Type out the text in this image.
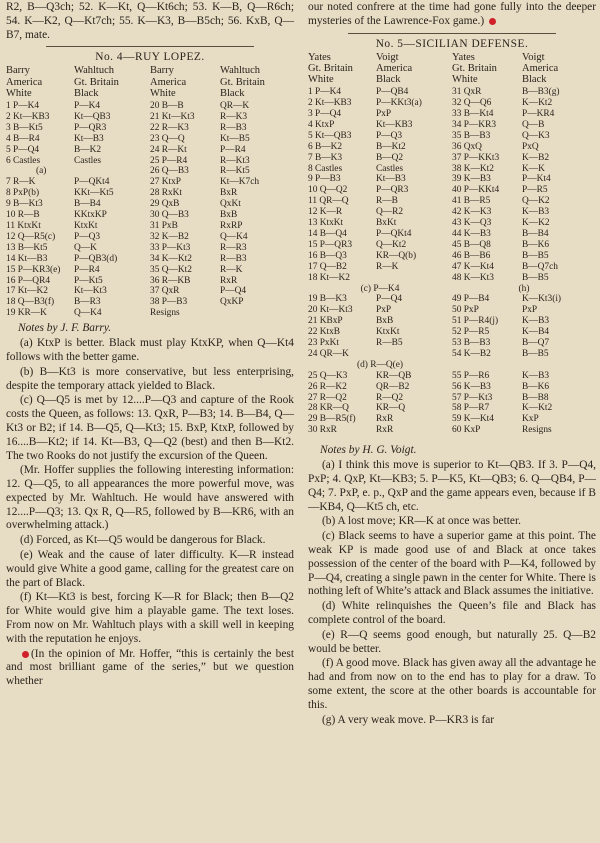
R2, B—Q3ch; 52. K—Kt, Q—Kt6ch; 53. K—B, Q—R6ch; 54. K—K2, Q—Kt7ch; 55. K—K3, B—B5ch; 56. KxB, Q—B7, mate.

No. 4—RUY LOPEZ.
Barry
America
White
Wahltuch
Gt. Britain
Black
Barry
America
White
Wahltuch
Gt. Britain
Black
1 P—K4	P—K4	20 B—B	QR—K
2 Kt—KB3	Kt—QB3	21 Kt—Kt3	R—K3
3 B—Kt5	P—QR3	22 R—K3	R—B3
4 B—R4	Kt—B3	23 Q—Q	Kt—B5
5 P—Q4	B—K2	24 R—Kt	P—R4
6 Castles	Castles	25 P—R4	R—Kt3
(a)		26 Q—B3	R—Kt5
7 R—K	P—QKt4	27 KtxP	Kt—K7ch
8 PxP(b)	KKt—Kt5	28 RxKt	BxR
9 B—Kt3	B—B4	29 QxB	QxKt
10 R—B	KKtxKP	30 Q—B3	BxB
11 KtxKt	KtxKt	31 PxB	RxRP
12 Q—R5(c)	P—Q3	32 K—B2	Q—K4
13 B—Kt5	Q—K	33 P—Kt3	R—R3
14 Kt—B3	P—QB3(d)	34 K—Kt2	R—B3
15 P—KR3(e)	P—R4	35 Q—Kt2	R—K
16 P—QR4	P—Kt5	36 R—KB	RxR
17 Kt—K2	Kt—Kt3	37 QxR	P—Q4
18 Q—B3(f)	B—R3	38 P—B3	QxKP
19 KR—K	Q—K4	Resigns	
Notes by J. F. Barry.

(a) KtxP is better. Black must play KtxKP, when Q—Kt4 follows with the better game.

(b) B—Kt3 is more conservative, but less enterprising, despite the temporary attack yielded to Black.

(c) Q—Q5 is met by 12....P—Q3 and capture of the Rook costs the Queen, as follows: 13. QxR, P—B3; 14. B—B4, Q—Kt3 or B2; if 14. B—Q5, Q—Kt3; 15. BxP, KtxP, followed by 16....B—Kt2; if 14. Kt—B3, Q—Q2 (best) and then B—Kt2. The two Rooks do not justify the excursion of the Queen.

(Mr. Hoffer supplies the following interesting information: 12. Q—Q5, to all appearances the more powerful move, was expected by Mr. Wahltuch. He would have answered with 12....P—Q3; 13. Qx R, Q—R5, followed by B—KR6, with an overwhelming attack.)

(d) Forced, as Kt—Q5 would be dangerous for Black.

(e) Weak and the cause of later difficulty. K—R instead would give White a good game, calling for the greatest care on the part of Black.

(f) Kt—Kt3 is best, forcing K—R for Black; then B—Q2 for White would give him a playable game. The text loses. From now on Mr. Wahltuch plays with a skill well in keeping with the reputation he enjoys.

(In the opinion of Mr. Hoffer, “this is certainly the best and most brilliant game of the series,” but we question whether

our noted confrere at the time had gone fully into the deeper mysteries of the Lawrence-Fox game.)

No. 5—SICILIAN DEFENSE.
Yates
Gt. Britain
White
Voigt
America
Black
Yates
Gt. Britain
White
Voigt
America
Black
1 P—K4	P—QB4	31 QxR	B—B3(g)
2 Kt—KB3	P—KKt3(a)	32 Q—Q6	K—Kt2
3 P—Q4	PxP	33 B—Kt4	P—KR4
4 KtxP	Kt—KB3	34 P—KR3	Q—B
5 Kt—QB3	P—Q3	35 B—B3	Q—K3
6 B—K2	B—Kt2	36 QxQ	PxQ
7 B—K3	B—Q2	37 P—KKt3	K—B2
8 Castles	Castles	38 K—Kt2	K—K
9 P—B3	Kt—B3	39 K—B3	P—Kt4
10 Q—Q2	P—QR3	40 P—KKt4	P—R5
11 QR—Q	R—B	41 B—R5	Q—K2
12 K—R	Q—R2	42 K—K3	K—B3
13 KtxKt	BxKt	43 K—Q3	K—K2
14 B—Q4	P—QKt4	44 K—B3	B—B4
15 P—QR3	Q—Kt2	45 B—Q8	B—K6
16 B—Q3	KR—Q(b)	46 B—B6	B—B5
17 Q—B2	R—K	47 K—Kt4	B—Q7ch
18 Kt—K2		48 K—Kt3	B—B5
(c) P—K4	(h)
19 B—K3	P—Q4	49 P—B4	K—Kt3(i)
20 Kt—Kt3	PxP	50 PxP	PxP
21 KBxP	BxB	51 P—R4(j)	K—B3
22 KtxB	KtxKt	52 P—R5	K—B4
23 PxKt	R—B5	53 B—B3	B—Q7
24 QR—K		54 K—B2	B—B5
(d) R—Q(e)
25 Q—K3	KR—QB	55 P—R6	K—B3
26 R—K2	QR—B2	56 K—B3	B—K6
27 R—Q2	R—Q2	57 P—Kt3	B—B8
28 KR—Q	KR—Q	58 P—R7	K—Kt2
29 B—R5(f)	RxR	59 K—Kt4	KxP
30 RxR	RxR	60 KxP	Resigns
Notes by H. G. Voigt.

(a) I think this move is superior to Kt—QB3. If 3. P—Q4, PxP; 4. QxP, Kt—KB3; 5. P—K5, Kt—QB3; 6. Q—QB4, P—Q4; 7. PxP, e. p., QxP and the game appears even, because if B—KB4, Q—Kt5 ch, etc.

(b) A lost move; KR—K at once was better.

(c) Black seems to have a superior game at this point. The weak KP is made good use of and Black at once takes possession of the center of the board with P—K4, followed by P—Q4, creating a single pawn in the center for White. There is nothing left of White’s attack and Black assumes the initiative.

(d) White relinquishes the Queen’s file and Black has complete control of the board.

(e) R—Q seems good enough, but naturally 25. Q—B2 would be better.

(f) A good move. Black has given away all the advantage he had and from now on to the end has to play for a draw. To some extent, the score at the other boards is accountable for this.

(g) A very weak move. P—KR3 is far
